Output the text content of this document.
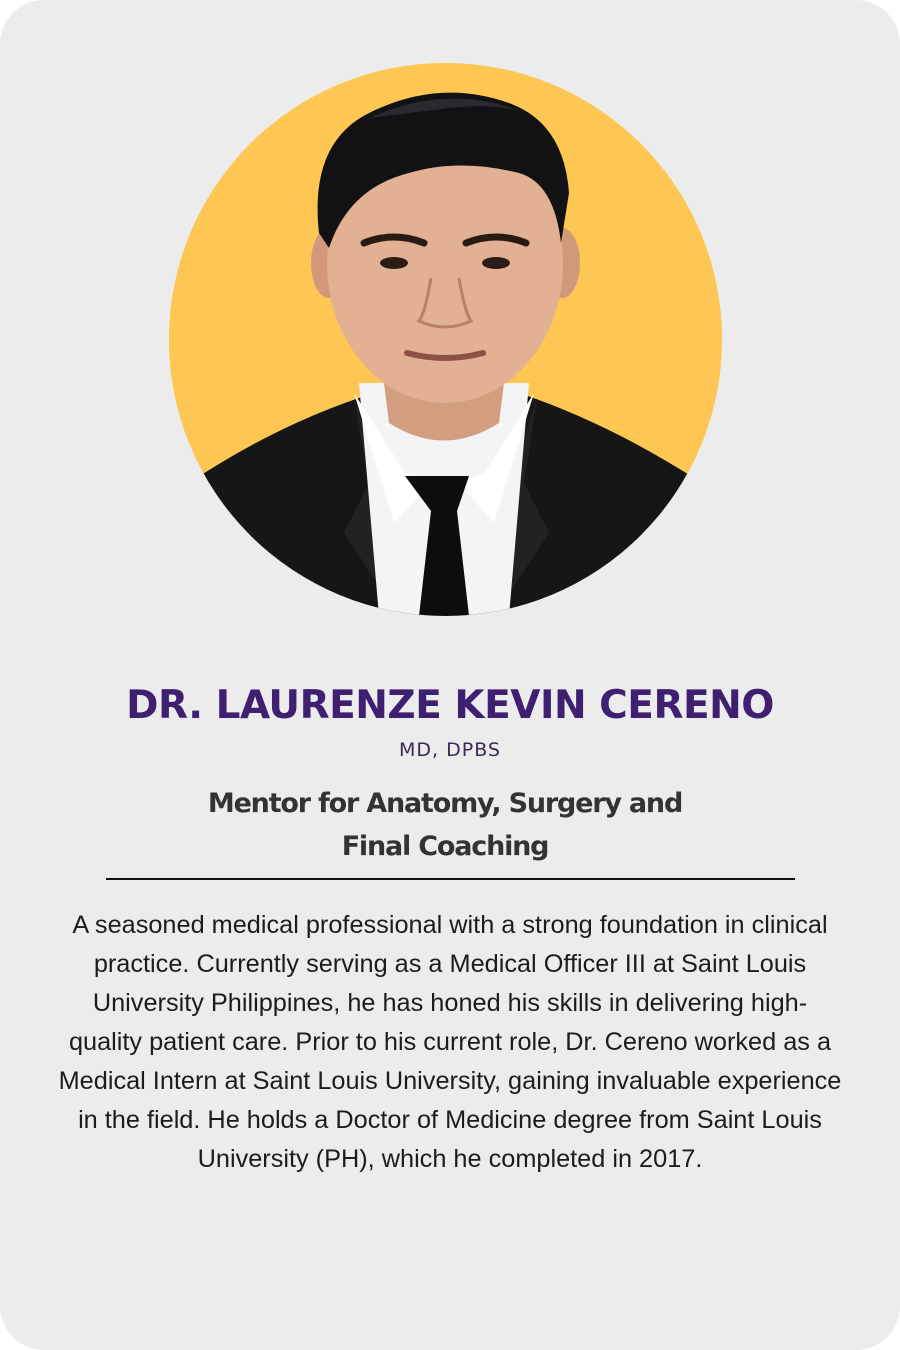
DR. LAURENZE KEVIN CERENO
MD, DPBS
Mentor for Anatomy, Surgery and
Final Coaching
A seasoned medical professional with a strong foundation in clinical practice. Currently serving as a Medical Officer III at Saint Louis University Philippines, he has honed his skills in delivering high-quality patient care. Prior to his current role, Dr. Cereno worked as a Medical Intern at Saint Louis University, gaining invaluable experience in the field. He holds a Doctor of Medicine degree from Saint Louis University (PH), which he completed in 2017.
